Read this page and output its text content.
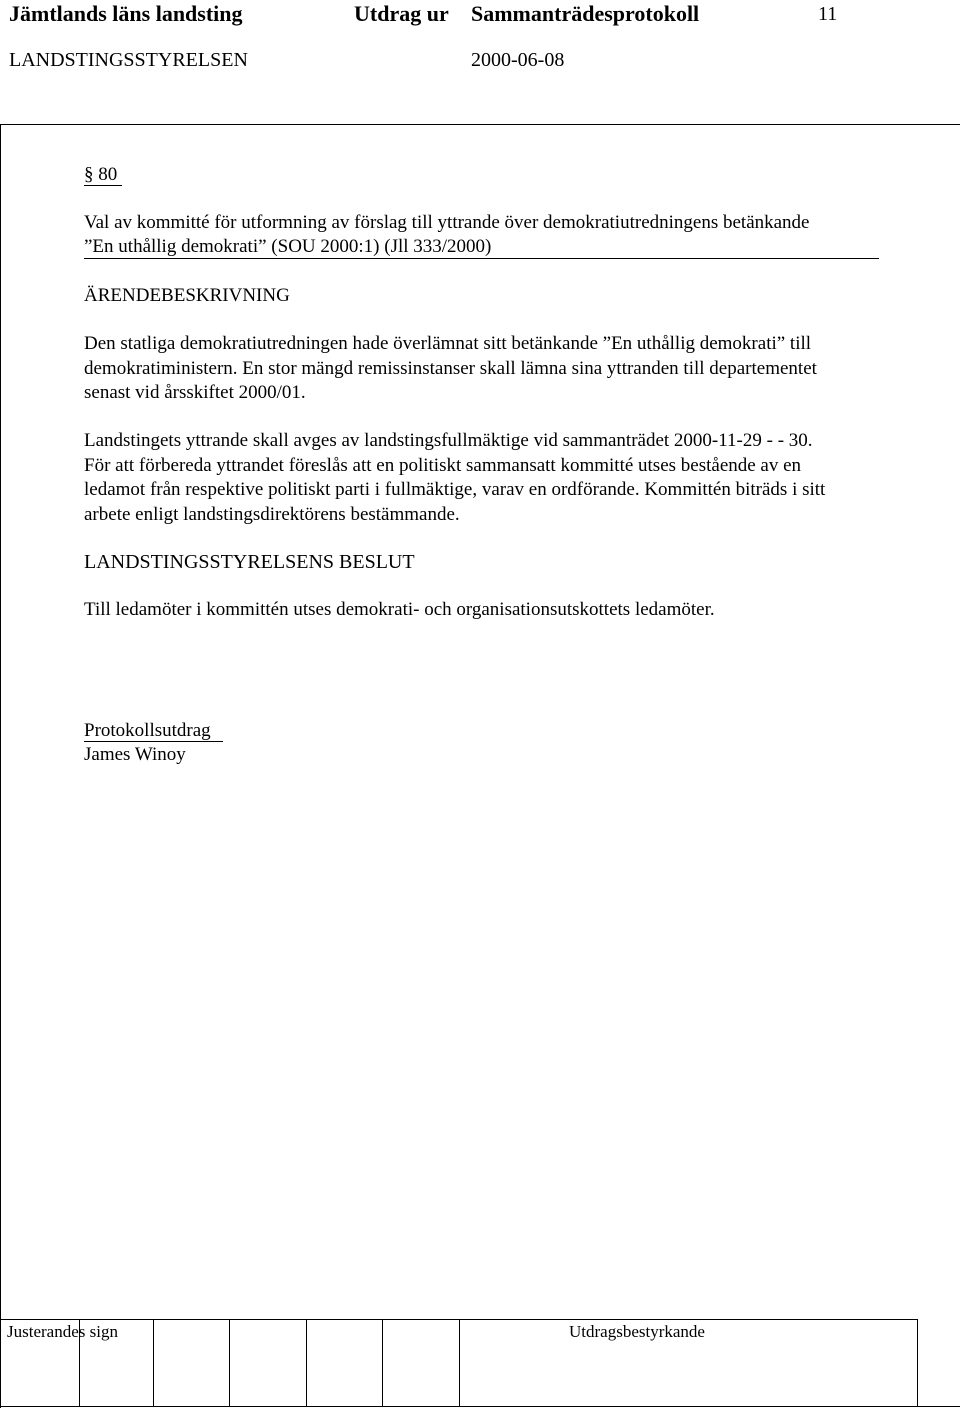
Jämtlands läns landsting	Utdrag ur Sammanträdesprotokoll	11
LANDSTINGSSTYRELSEN	2000-06-08
§ 80
Val av kommitté för utformning av förslag till yttrande över demokratiutredningens betänkande
”En uthållig demokrati” (SOU 2000:1) (Jll 333/2000)
ÄRENDEBESKRIVNING

Den statliga demokratiutredningen hade överlämnat sitt betänkande ”En uthållig demokrati” till

demokratiministern. En stor mängd remissinstanser skall lämna sina yttranden till departementet

senast vid årsskiftet 2000/01.

Landstingets yttrande skall avges av landstingsfullmäktige vid sammanträdet 2000-11-29 - - 30.

För att förbereda yttrandet föreslås att en politiskt sammansatt kommitté utses bestående av en

ledamot från respektive politiskt parti i fullmäktige, varav en ordförande. Kommittén biträds i sitt

arbete enligt landstingsdirektörens bestämmande.

LANDSTINGSSTYRELSENS BESLUT
Till ledamöter i kommittén utses demokrati- och organisationsutskottets ledamöter.
Protokollsutdrag
James Winoy
Justerandes sign	Utdragsbestyrkande
